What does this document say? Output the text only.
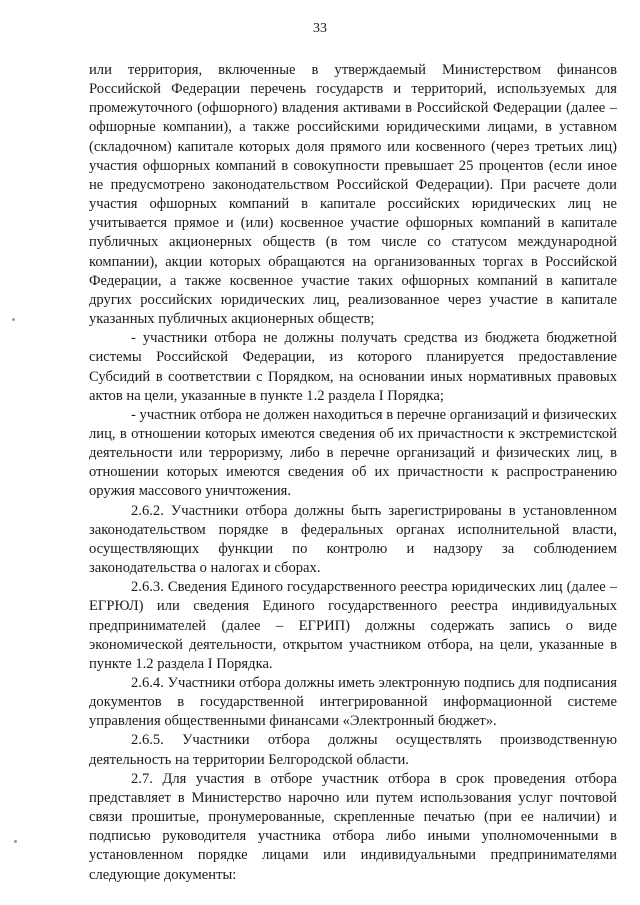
33

или территория, включенные в утверждаемый Министерством финансов Российской Федерации перечень государств и территорий, используемых для промежуточного (офшорного) владения активами в Российской Федерации (далее – офшорные компании), а также российскими юридическими лицами, в уставном (складочном) капитале которых доля прямого или косвенного (через третьих лиц) участия офшорных компаний в совокупности превышает 25 процентов (если иное не предусмотрено законодательством Российской Федерации). При расчете доли участия офшорных компаний в капитале российских юридических лиц не учитывается прямое и (или) косвенное участие офшорных компаний в капитале публичных акционерных обществ (в том числе со статусом международной компании), акции которых обращаются на организованных торгах в Российской Федерации, а также косвенное участие таких офшорных компаний в капитале других российских юридических лиц, реализованное через участие в капитале указанных публичных акционерных обществ;

- участники отбора не должны получать средства из бюджета бюджетной системы Российской Федерации, из которого планируется предоставление Субсидий в соответствии с Порядком, на основании иных нормативных правовых актов на цели, указанные в пункте 1.2 раздела I Порядка;

- участник отбора не должен находиться в перечне организаций и физических лиц, в отношении которых имеются сведения об их причастности к экстремистской деятельности или терроризму, либо в перечне организаций и физических лиц, в отношении которых имеются сведения об их причастности к распространению оружия массового уничтожения.

2.6.2. Участники отбора должны быть зарегистрированы в установленном законодательством порядке в федеральных органах исполнительной власти, осуществляющих функции по контролю и надзору за соблюдением законодательства о налогах и сборах.

2.6.3. Сведения Единого государственного реестра юридических лиц (далее – ЕГРЮЛ) или сведения Единого государственного реестра индивидуальных предпринимателей (далее – ЕГРИП) должны содержать запись о виде экономической деятельности, открытом участником отбора, на цели, указанные в пункте 1.2 раздела I Порядка.

2.6.4. Участники отбора должны иметь электронную подпись для подписания документов в государственной интегрированной информационной системе управления общественными финансами «Электронный бюджет».

2.6.5. Участники отбора должны осуществлять производственную деятельность на территории Белгородской области.

2.7. Для участия в отборе участник отбора в срок проведения отбора представляет в Министерство нарочно или путем использования услуг почтовой связи прошитые, пронумерованные, скрепленные печатью (при ее наличии) и подписью руководителя участника отбора либо иными уполномоченными в установленном порядке лицами или индивидуальными предпринимателями следующие документы:
